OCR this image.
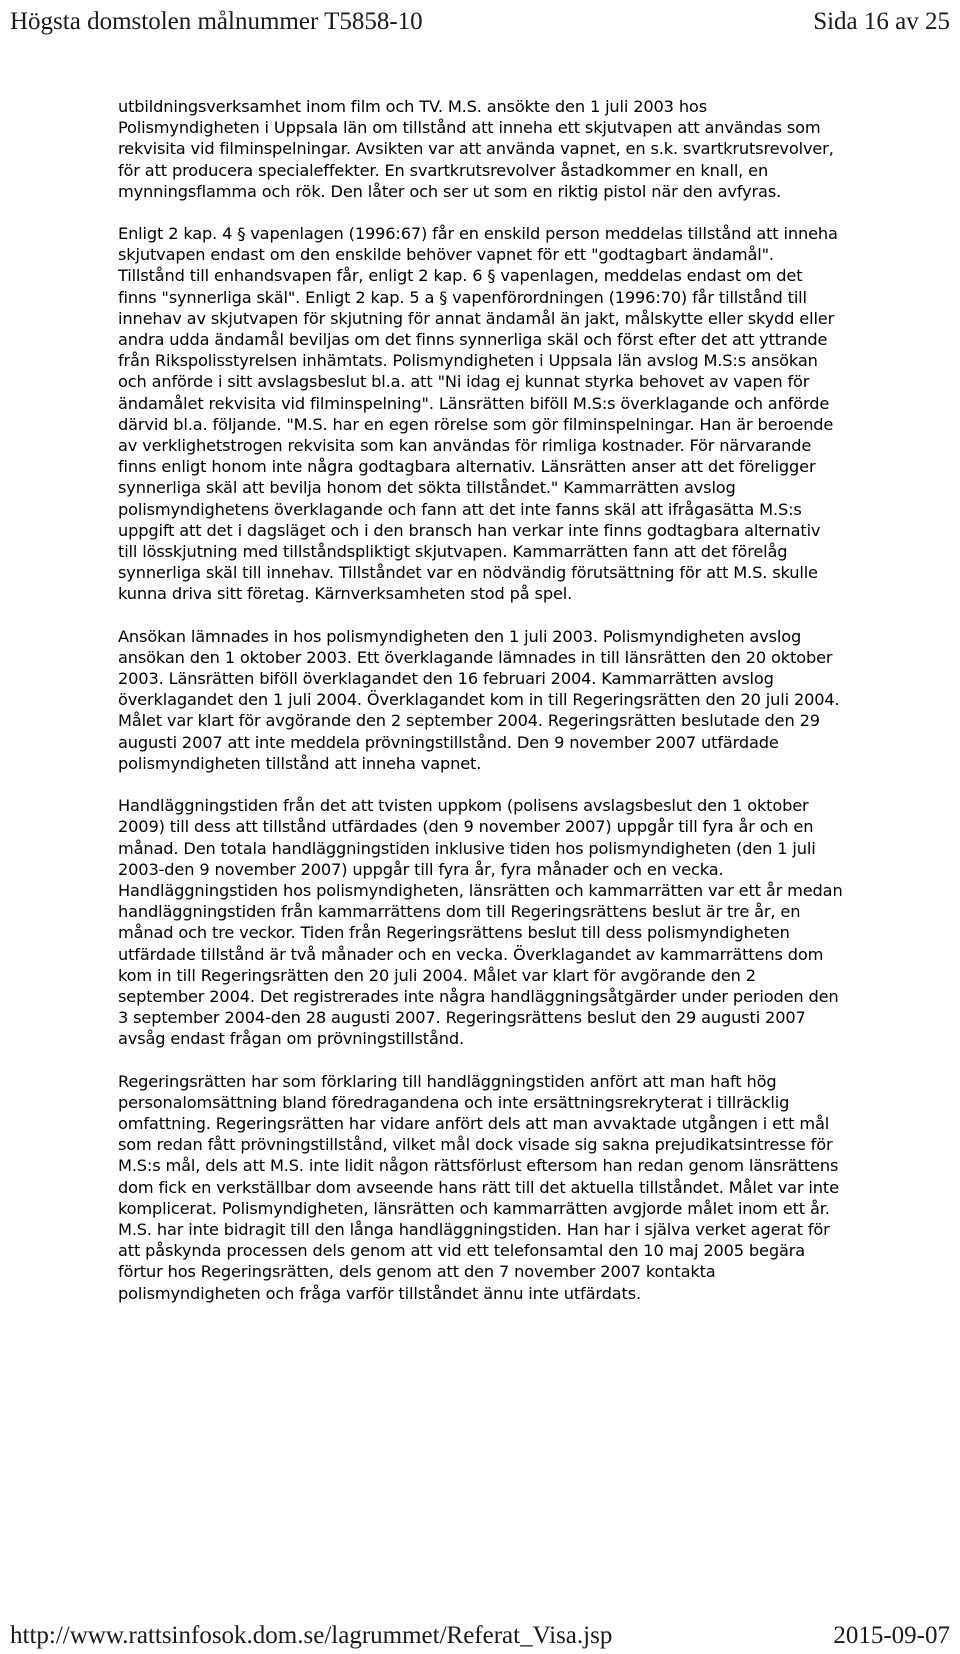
Högsta domstolen målnummer T5858-10	Sida 16 av 25

utbildningsverksamhet inom film och TV. M.S. ansökte den 1 juli 2003 hos Polismyndigheten i Uppsala län om tillstånd att inneha ett skjutvapen att användas som rekvisita vid filminspelningar. Avsikten var att använda vapnet, en s.k. svartkrutsrevolver, för att producera specialeffekter. En svartkrutsrevolver åstadkommer en knall, en mynningsflamma och rök. Den låter och ser ut som en riktig pistol när den avfyras.

Enligt 2 kap. 4 § vapenlagen (1996:67) får en enskild person meddelas tillstånd att inneha skjutvapen endast om den enskilde behöver vapnet för ett "godtagbart ändamål". Tillstånd till enhandsvapen får, enligt 2 kap. 6 § vapenlagen, meddelas endast om det finns "synnerliga skäl". Enligt 2 kap. 5 a § vapenförordningen (1996:70) får tillstånd till innehav av skjutvapen för skjutning för annat ändamål än jakt, målskytte eller skydd eller andra udda ändamål beviljas om det finns synnerliga skäl och först efter det att yttrande från Rikspolisstyrelsen inhämtats. Polismyndigheten i Uppsala län avslog M.S:s ansökan och anförde i sitt avslagsbeslut bl.a. att "Ni idag ej kunnat styrka behovet av vapen för ändamålet rekvisita vid filminspelning". Länsrätten biföll M.S:s överklagande och anförde därvid bl.a. följande. "M.S. har en egen rörelse som gör filminspelningar. Han är beroende av verklighetstrogen rekvisita som kan användas för rimliga kostnader. För närvarande finns enligt honom inte några godtagbara alternativ. Länsrätten anser att det föreligger synnerliga skäl att bevilja honom det sökta tillståndet." Kammarrätten avslog polismyndighetens överklagande och fann att det inte fanns skäl att ifrågasätta M.S:s uppgift att det i dagsläget och i den bransch han verkar inte finns godtagbara alternativ till lösskjutning med tillståndspliktigt skjutvapen. Kammarrätten fann att det förelåg synnerliga skäl till innehav. Tillståndet var en nödvändig förutsättning för att M.S. skulle kunna driva sitt företag. Kärnverksamheten stod på spel.

Ansökan lämnades in hos polismyndigheten den 1 juli 2003. Polismyndigheten avslog ansökan den 1 oktober 2003. Ett överklagande lämnades in till länsrätten den 20 oktober 2003. Länsrätten biföll överklagandet den 16 februari 2004. Kammarrätten avslog överklagandet den 1 juli 2004. Överklagandet kom in till Regeringsrätten den 20 juli 2004. Målet var klart för avgörande den 2 september 2004. Regeringsrätten beslutade den 29 augusti 2007 att inte meddela prövningstillstånd. Den 9 november 2007 utfärdade polismyndigheten tillstånd att inneha vapnet.

Handläggningstiden från det att tvisten uppkom (polisens avslagsbeslut den 1 oktober 2009) till dess att tillstånd utfärdades (den 9 november 2007) uppgår till fyra år och en månad. Den totala handläggningstiden inklusive tiden hos polismyndigheten (den 1 juli 2003-den 9 november 2007) uppgår till fyra år, fyra månader och en vecka. Handläggningstiden hos polismyndigheten, länsrätten och kammarrätten var ett år medan handläggningstiden från kammarrättens dom till Regeringsrättens beslut är tre år, en månad och tre veckor. Tiden från Regeringsrättens beslut till dess polismyndigheten utfärdade tillstånd är två månader och en vecka. Överklagandet av kammarrättens dom kom in till Regeringsrätten den 20 juli 2004. Målet var klart för avgörande den 2 september 2004. Det registrerades inte några handläggningsåtgärder under perioden den 3 september 2004-den 28 augusti 2007. Regeringsrättens beslut den 29 augusti 2007 avsåg endast frågan om prövningstillstånd.

Regeringsrätten har som förklaring till handläggningstiden anfört att man haft hög personalomsättning bland föredragandena och inte ersättningsrekryterat i tillräcklig omfattning. Regeringsrätten har vidare anfört dels att man avvaktade utgången i ett mål som redan fått prövningstillstånd, vilket mål dock visade sig sakna prejudikatsintresse för M.S:s mål, dels att M.S. inte lidit någon rättsförlust eftersom han redan genom länsrättens dom fick en verkställbar dom avseende hans rätt till det aktuella tillståndet. Målet var inte komplicerat. Polismyndigheten, länsrätten och kammarrätten avgjorde målet inom ett år. M.S. har inte bidragit till den långa handläggningstiden. Han har i själva verket agerat för att påskynda processen dels genom att vid ett telefonsamtal den 10 maj 2005 begära förtur hos Regeringsrätten, dels genom att den 7 november 2007 kontakta polismyndigheten och fråga varför tillståndet ännu inte utfärdats.

http://www.rattsinfosok.dom.se/lagrummet/Referat_Visa.jsp	2015-09-07
